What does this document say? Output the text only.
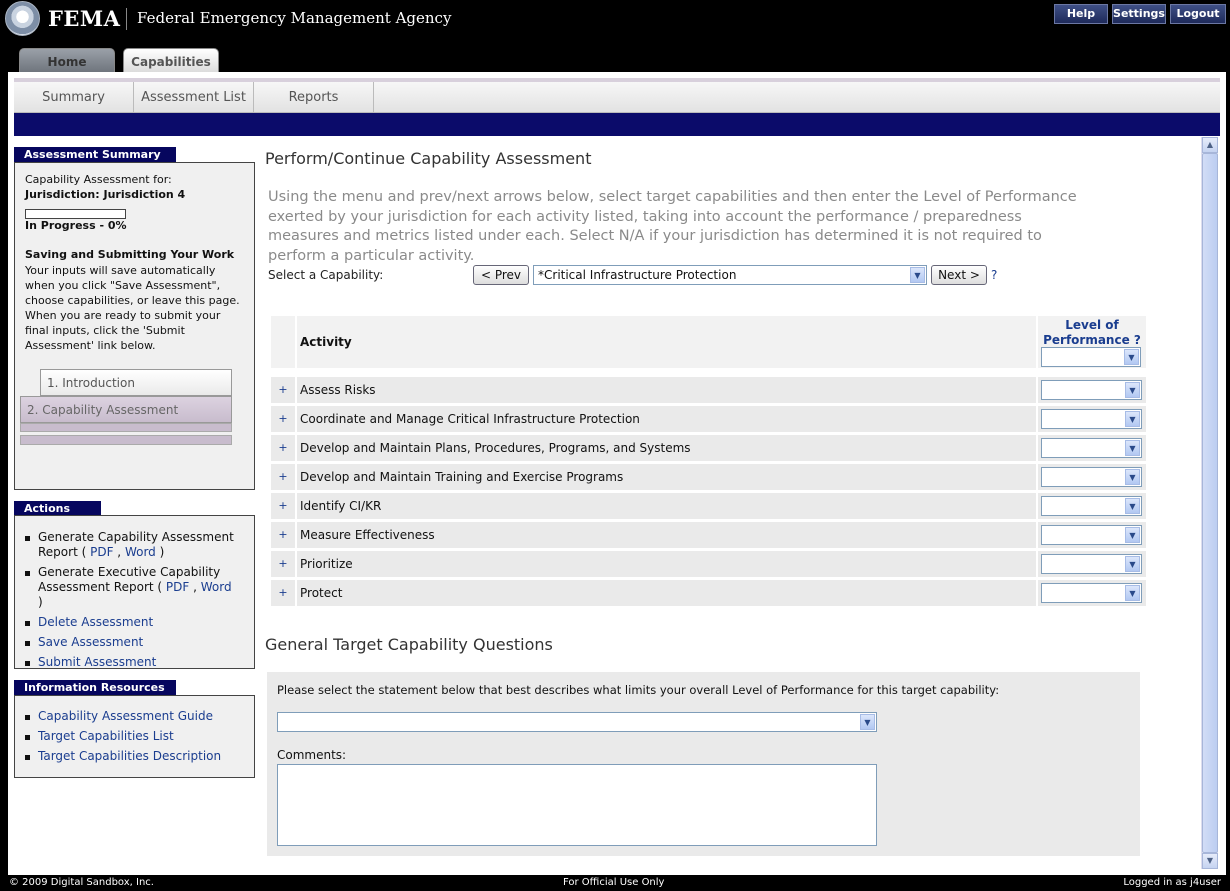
FEMA Federal Emergency Management Agency	Help	Settings	Logout
Home	Capabilities
Summary	Assessment List	Reports
Assessment Summary
Capability Assessment for:
Jurisdiction: Jurisdiction 4
In Progress - 0%
Saving and Submitting Your Work
Your inputs will save automatically when you click "Save Assessment", choose capabilities, or leave this page. When you are ready to submit your final inputs, click the 'Submit Assessment' link below.
1. Introduction
2. Capability Assessment
Actions
Generate Capability Assessment Report ( PDF , Word )
Generate Executive Capability Assessment Report ( PDF , Word )
Delete Assessment
Save Assessment
Submit Assessment
Information Resources
Capability Assessment Guide
Target Capabilities List
Target Capabilities Description
Perform/Continue Capability Assessment
Using the menu and prev/next arrows below, select target capabilities and then enter the Level of Performance exerted by your jurisdiction for each activity listed, taking into account the performance / preparedness measures and metrics listed under each. Select N/A if your jurisdiction has determined it is not required to perform a particular activity.
Select a Capability:	< Prev	*Critical Infrastructure Protection	▼	Next > ?
Activity
Level of
Performance ?
▼
+	Assess Risks	▼
+	Coordinate and Manage Critical Infrastructure Protection	▼
+	Develop and Maintain Plans, Procedures, Programs, and Systems	▼
+	Develop and Maintain Training and Exercise Programs	▼
+	Identify CI/KR	▼
+	Measure Effectiveness	▼
+	Prioritize	▼
+	Protect	▼
General Target Capability Questions
Please select the statement below that best describes what limits your overall Level of Performance for this target capability:
▼
Comments:
▲
▼
© 2009 Digital Sandbox, Inc.	For Official Use Only	Logged in as j4user
